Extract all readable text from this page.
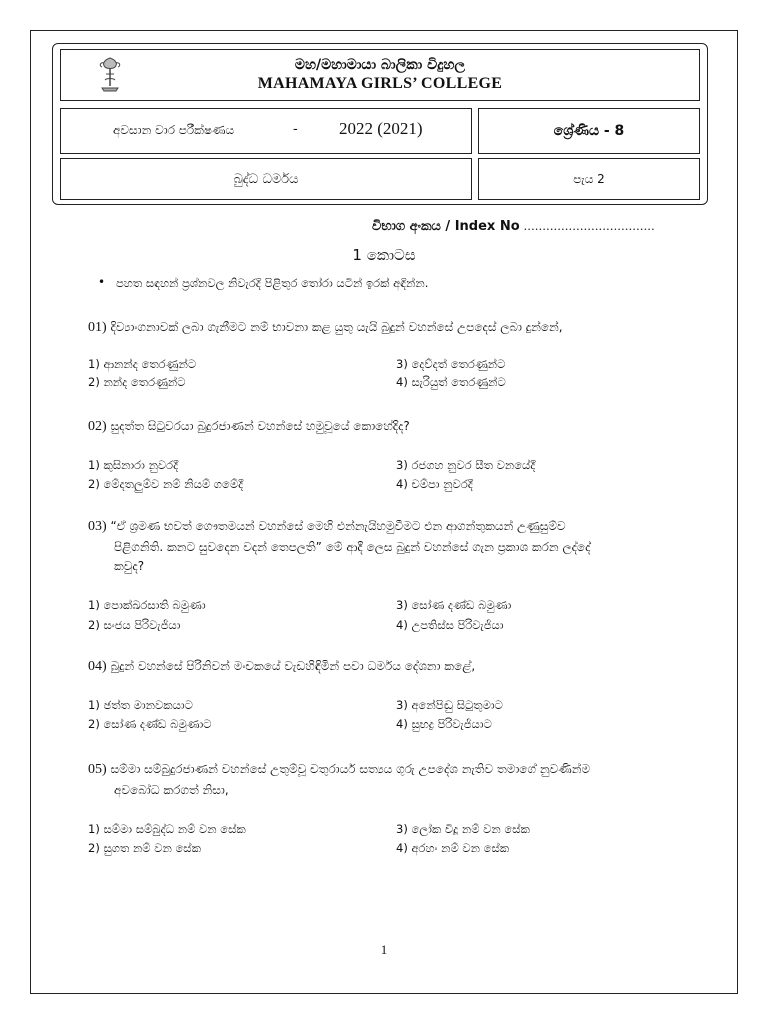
මහ/මහාමායා බාලිකා විදුහල
MAHAMAYA GIRLS’ COLLEGE
අවසාන වාර පරීක්ෂණය	- 2022 (2021)	ශ්‍රේණිය - 8
බුද්ධ ධර්මය	පැය 2
විභාග අංකය / Index No ...................................
1 කොටස
• පහත සඳහන් ප්‍රශ්නවල නිවැරදි පිළිතුර තෝරා යටින් ඉරක් අඳින්න.
01) දිව්‍යාංගනාවක් ලබා ගැනීමට නම් භාවනා කළ යුතු යැයි බුදුන් වහන්සේ උපදෙස් ලබා දුන්නේ,
1) ආනන්ද තෙරණුන්ට
2) නන්ද තෙරණුන්ට
3) දෙව්දත් තෙරණුන්ට
4) සැරියුත් තෙරණුන්ට
02) සුදත්ත සිටුවරයා බුදුරජාණන් වහන්සේ හමුවූයේ කොහේදිද?
1) කුසිනාරා නුවරදී
2) මේදතලුම්ව නම් නියම් ගමේදී
3) රජගහ නුවර සීත වනයේදී
4) චම්පා නුවරදී
03) “ඒ ශ්‍රමණ භවත් ගෞතමයන් වහන්සේ මෙහි එන්නැයිහමුවීමට එන ආගන්තුකයන් උණුසුම්ව
පිළිගනිති. කනට සුවදෙන වදන් තෙපලති” මේ ආදී ලෙස බුදුන් වහන්සේ ගැන ප්‍රකාශ කරන ලද්දේ
කවුද?
1) පොක්ඛරසාති බමුණා
2) සංජය පිරිවැජියා
3) සෝණ දණ්ඩ බමුණා
4) උපතිස්ස පිරිවැජියා
04) බුදුන් වහන්සේ පිරිනිවන් මංචකයේ වැඩහිඳිමින් පවා ධර්මය දේශනා කළේ,
1) ඡත්ත මානවකයාට
2) සෝණ දණ්ඩ බමුණාට
3) අනේපිඬු සිටුතුමාට
4) සුභද්‍ර පිරිවැජියාට
05) සම්මා සම්බුදුරජාණන් වහන්සේ උතුම්වූ චතුරාර්ය සත්‍යය ගුරු උපදේශ නැතිව තමාගේ නුවණින්ම
අවබෝධ කරගත් නිසා,
1) සම්මා සම්බුද්ධ නම් වන සේක
2) සුගත නම් වන සේක
3) ලෝක විදූ නම් වන සේක
4) අරහං නම් වන සේක
1
